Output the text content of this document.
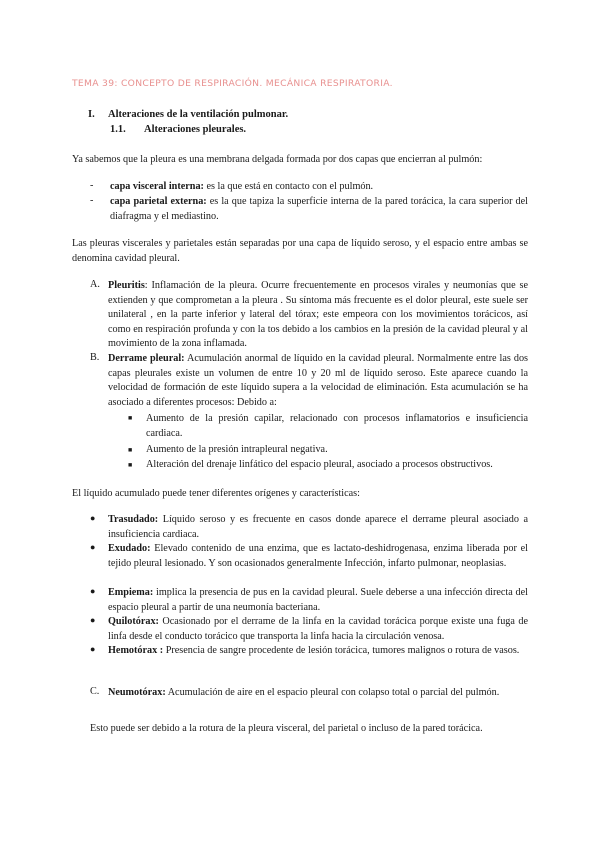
TEMA 39: CONCEPTO DE RESPIRACIÓN. MECÁNICA RESPIRATORIA.
I. Alteraciones de la ventilación pulmonar.
1.1. Alteraciones pleurales.
Ya sabemos que la pleura es una membrana delgada formada por dos capas que encierran al pulmón:
- capa visceral interna: es la que está en contacto con el pulmón.
- capa parietal externa: es la que tapiza la superficie interna de la pared torácica, la cara superior del diafragma y el mediastino.
Las pleuras viscerales y parietales están separadas por una capa de líquido seroso, y el espacio entre ambas se denomina cavidad pleural.
A. Pleuritis: Inflamación de la pleura. Ocurre frecuentemente en procesos virales y neumonías que se extienden y que comprometan a la pleura . Su síntoma más frecuente es el dolor pleural, este suele ser unilateral , en la parte inferior y lateral del tórax; este empeora con los movimientos torácicos, así como en respiración profunda y con la tos debido a los cambios en la presión de la cavidad pleural y al movimiento de la zona inflamada.
B. Derrame pleural: Acumulación anormal de líquido en la cavidad pleural. Normalmente entre las dos capas pleurales existe un volumen de entre 10 y 20 ml de líquido seroso. Este aparece cuando la velocidad de formación de este líquido supera a la velocidad de eliminación. Esta acumulación se ha asociado a diferentes procesos: Debido a:
■ Aumento de la presión capilar, relacionado con procesos inflamatorios e insuficiencia cardiaca.
■ Aumento de la presión intrapleural negativa.
■ Alteración del drenaje linfático del espacio pleural, asociado a procesos obstructivos.
El líquido acumulado puede tener diferentes orígenes y características:
● Trasudado: Líquido seroso y es frecuente en casos donde aparece el derrame pleural asociado a insuficiencia cardiaca.
● Exudado: Elevado contenido de una enzima, que es lactato-deshidrogenasa, enzima liberada por el tejido pleural lesionado. Y son ocasionados generalmente Infección, infarto pulmonar, neoplasias.
● Empiema: implica la presencia de pus en la cavidad pleural. Suele deberse a una infección directa del espacio pleural a partir de una neumonía bacteriana.
● Quilotórax: Ocasionado por el derrame de la linfa en la cavidad torácica porque existe una fuga de linfa desde el conducto torácico que transporta la linfa hacia la circulación venosa.
● Hemotórax : Presencia de sangre procedente de lesión torácica, tumores malignos o rotura de vasos.
C. Neumotórax: Acumulación de aire en el espacio pleural con colapso total o parcial del pulmón.
Esto puede ser debido a la rotura de la pleura visceral, del parietal o incluso de la pared torácica.
